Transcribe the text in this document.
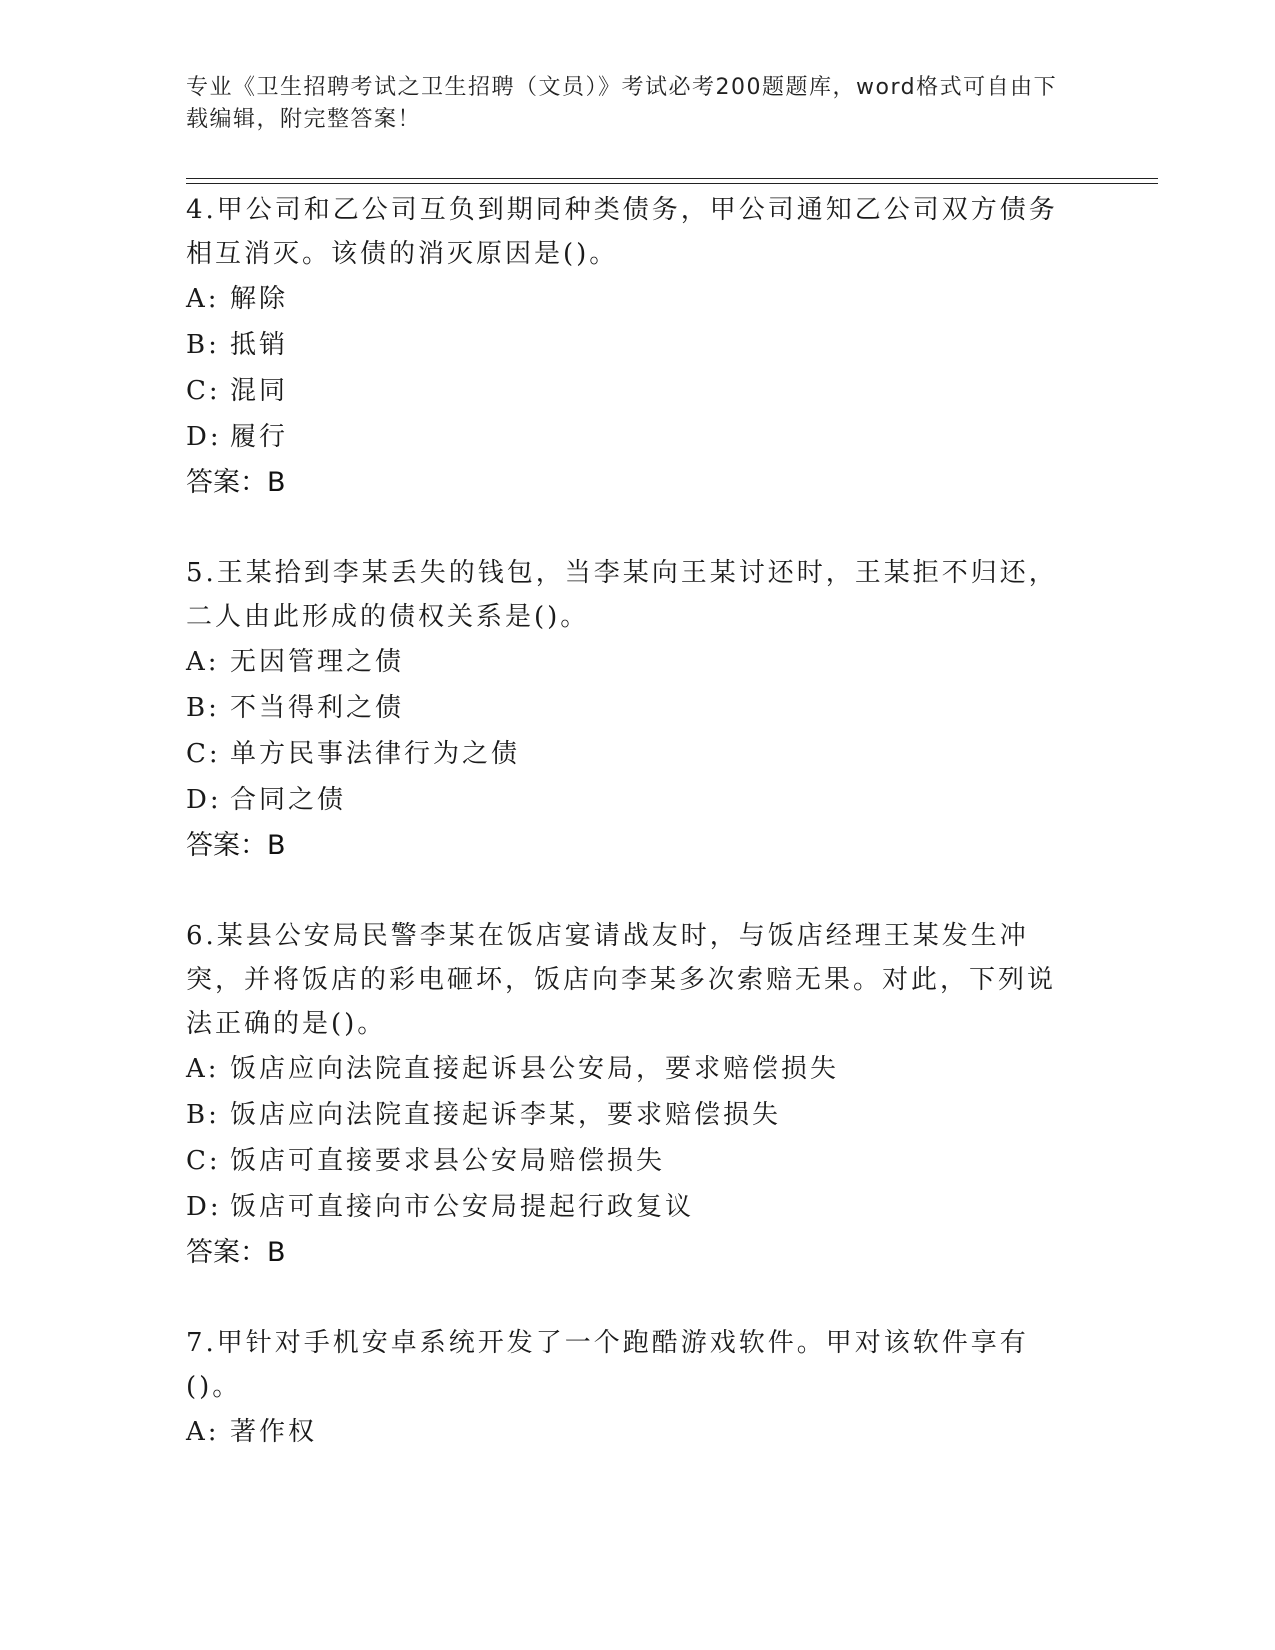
专业《卫生招聘考试之卫生招聘（文员）》考试必考200题题库，word格式可自由下载编辑，附完整答案！

4.甲公司和乙公司互负到期同种类债务，甲公司通知乙公司双方债务相互消灭。该债的消灭原因是()。

A: 解除

B: 抵销

C: 混同

D: 履行

答案：B

5.王某拾到李某丢失的钱包，当李某向王某讨还时，王某拒不归还，二人由此形成的债权关系是()。

A: 无因管理之债

B: 不当得利之债

C: 单方民事法律行为之债

D: 合同之债

答案：B

6.某县公安局民警李某在饭店宴请战友时，与饭店经理王某发生冲突，并将饭店的彩电砸坏，饭店向李某多次索赔无果。对此，下列说法正确的是()。

A: 饭店应向法院直接起诉县公安局，要求赔偿损失

B: 饭店应向法院直接起诉李某，要求赔偿损失

C: 饭店可直接要求县公安局赔偿损失

D: 饭店可直接向市公安局提起行政复议

答案：B

7.甲针对手机安卓系统开发了一个跑酷游戏软件。甲对该软件享有()。

A: 著作权
